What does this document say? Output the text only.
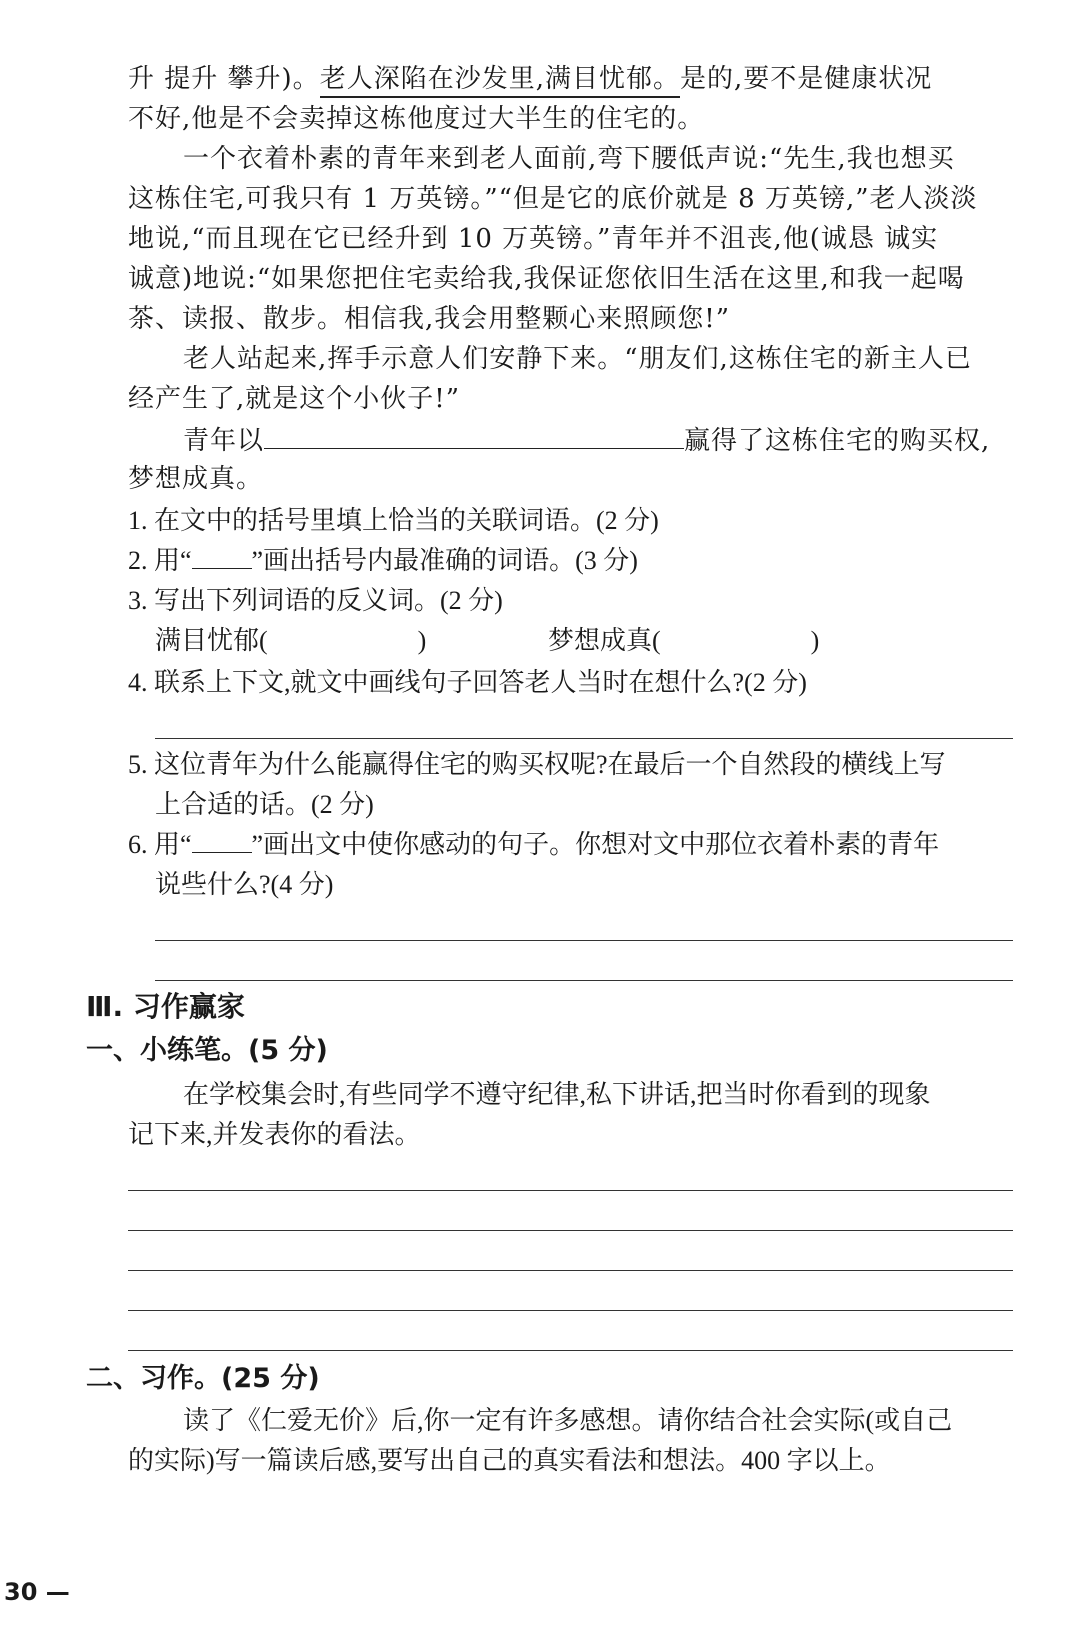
升 提升 攀升)。老人深陷在沙发里,满目忧郁。是的,要不是健康状况
不好,他是不会卖掉这栋他度过大半生的住宅的。
一个衣着朴素的青年来到老人面前,弯下腰低声说:“先生,我也想买
这栋住宅,可我只有 1 万英镑。”“但是它的底价就是 8 万英镑,”老人淡淡
地说,“而且现在它已经升到 10 万英镑。”青年并不沮丧,他(诚恳 诚实
诚意)地说:“如果您把住宅卖给我,我保证您依旧生活在这里,和我一起喝
茶、读报、散步。相信我,我会用整颗心来照顾您!”
老人站起来,挥手示意人们安静下来。“朋友们,这栋住宅的新主人已
经产生了,就是这个小伙子!”
青年以	赢得了这栋住宅的购买权,
梦想成真。
1. 在文中的括号里填上恰当的关联词语。(2 分)
2. 用“ ”画出括号内最准确的词语。(3 分)
3. 写出下列词语的反义词。(2 分)
满目忧郁(	)	梦想成真(	)
4. 联系上下文,就文中画线句子回答老人当时在想什么?(2 分)
5. 这位青年为什么能赢得住宅的购买权呢?在最后一个自然段的横线上写
上合适的话。(2 分)
6. 用“ ”画出文中使你感动的句子。你想对文中那位衣着朴素的青年
说些什么?(4 分)
Ⅲ. 习作赢家
一、小练笔。(5 分)
在学校集会时,有些同学不遵守纪律,私下讲话,把当时你看到的现象
记下来,并发表你的看法。
二、习作。(25 分)
读了《仁爱无价》后,你一定有许多感想。请你结合社会实际(或自己
的实际)写一篇读后感,要写出自己的真实看法和想法。400 字以上。
30 —
